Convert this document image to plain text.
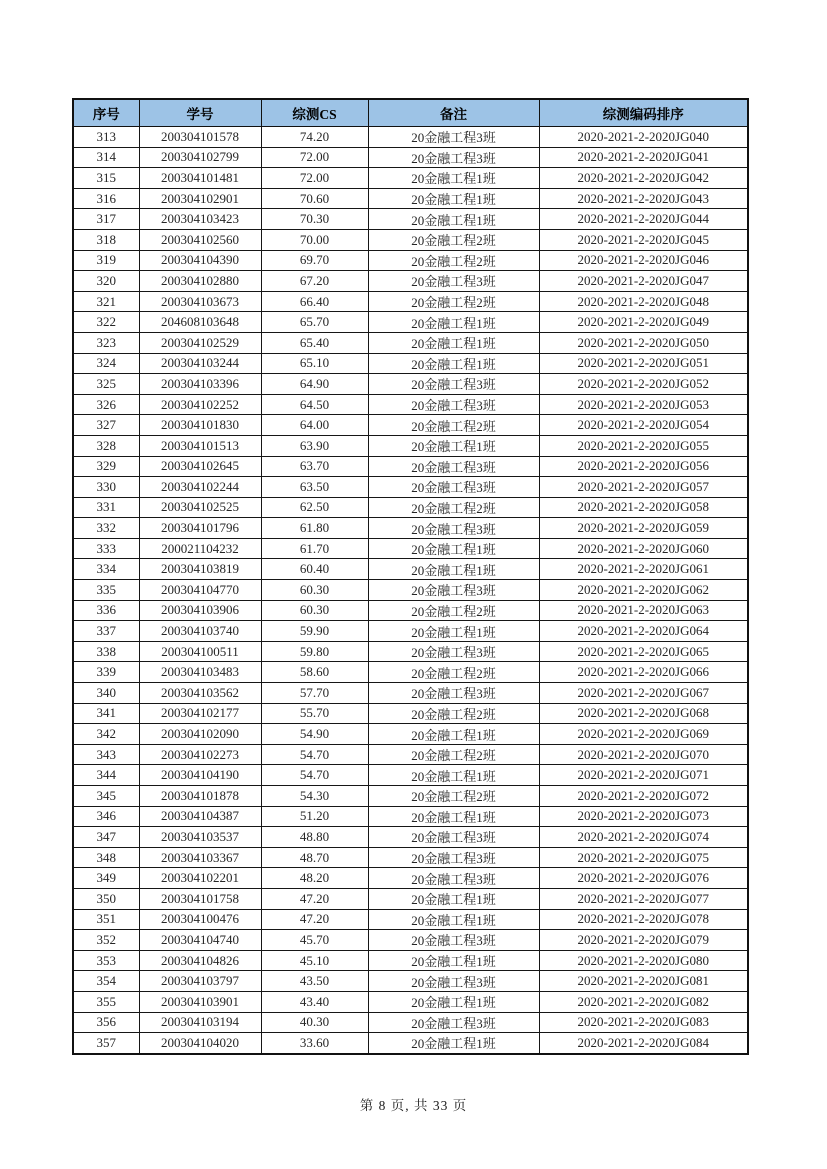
序号	学号	综测CS	备注	综测编码排序
313	200304101578	74.20	20金融工程3班	2020-2021-2-2020JG040
314	200304102799	72.00	20金融工程3班	2020-2021-2-2020JG041
315	200304101481	72.00	20金融工程1班	2020-2021-2-2020JG042
316	200304102901	70.60	20金融工程1班	2020-2021-2-2020JG043
317	200304103423	70.30	20金融工程1班	2020-2021-2-2020JG044
318	200304102560	70.00	20金融工程2班	2020-2021-2-2020JG045
319	200304104390	69.70	20金融工程2班	2020-2021-2-2020JG046
320	200304102880	67.20	20金融工程3班	2020-2021-2-2020JG047
321	200304103673	66.40	20金融工程2班	2020-2021-2-2020JG048
322	204608103648	65.70	20金融工程1班	2020-2021-2-2020JG049
323	200304102529	65.40	20金融工程1班	2020-2021-2-2020JG050
324	200304103244	65.10	20金融工程1班	2020-2021-2-2020JG051
325	200304103396	64.90	20金融工程3班	2020-2021-2-2020JG052
326	200304102252	64.50	20金融工程3班	2020-2021-2-2020JG053
327	200304101830	64.00	20金融工程2班	2020-2021-2-2020JG054
328	200304101513	63.90	20金融工程1班	2020-2021-2-2020JG055
329	200304102645	63.70	20金融工程3班	2020-2021-2-2020JG056
330	200304102244	63.50	20金融工程3班	2020-2021-2-2020JG057
331	200304102525	62.50	20金融工程2班	2020-2021-2-2020JG058
332	200304101796	61.80	20金融工程3班	2020-2021-2-2020JG059
333	200021104232	61.70	20金融工程1班	2020-2021-2-2020JG060
334	200304103819	60.40	20金融工程1班	2020-2021-2-2020JG061
335	200304104770	60.30	20金融工程3班	2020-2021-2-2020JG062
336	200304103906	60.30	20金融工程2班	2020-2021-2-2020JG063
337	200304103740	59.90	20金融工程1班	2020-2021-2-2020JG064
338	200304100511	59.80	20金融工程3班	2020-2021-2-2020JG065
339	200304103483	58.60	20金融工程2班	2020-2021-2-2020JG066
340	200304103562	57.70	20金融工程3班	2020-2021-2-2020JG067
341	200304102177	55.70	20金融工程2班	2020-2021-2-2020JG068
342	200304102090	54.90	20金融工程1班	2020-2021-2-2020JG069
343	200304102273	54.70	20金融工程2班	2020-2021-2-2020JG070
344	200304104190	54.70	20金融工程1班	2020-2021-2-2020JG071
345	200304101878	54.30	20金融工程2班	2020-2021-2-2020JG072
346	200304104387	51.20	20金融工程1班	2020-2021-2-2020JG073
347	200304103537	48.80	20金融工程3班	2020-2021-2-2020JG074
348	200304103367	48.70	20金融工程3班	2020-2021-2-2020JG075
349	200304102201	48.20	20金融工程3班	2020-2021-2-2020JG076
350	200304101758	47.20	20金融工程1班	2020-2021-2-2020JG077
351	200304100476	47.20	20金融工程1班	2020-2021-2-2020JG078
352	200304104740	45.70	20金融工程3班	2020-2021-2-2020JG079
353	200304104826	45.10	20金融工程1班	2020-2021-2-2020JG080
354	200304103797	43.50	20金融工程3班	2020-2021-2-2020JG081
355	200304103901	43.40	20金融工程1班	2020-2021-2-2020JG082
356	200304103194	40.30	20金融工程3班	2020-2021-2-2020JG083
357	200304104020	33.60	20金融工程1班	2020-2021-2-2020JG084
第 8 页, 共 33 页
